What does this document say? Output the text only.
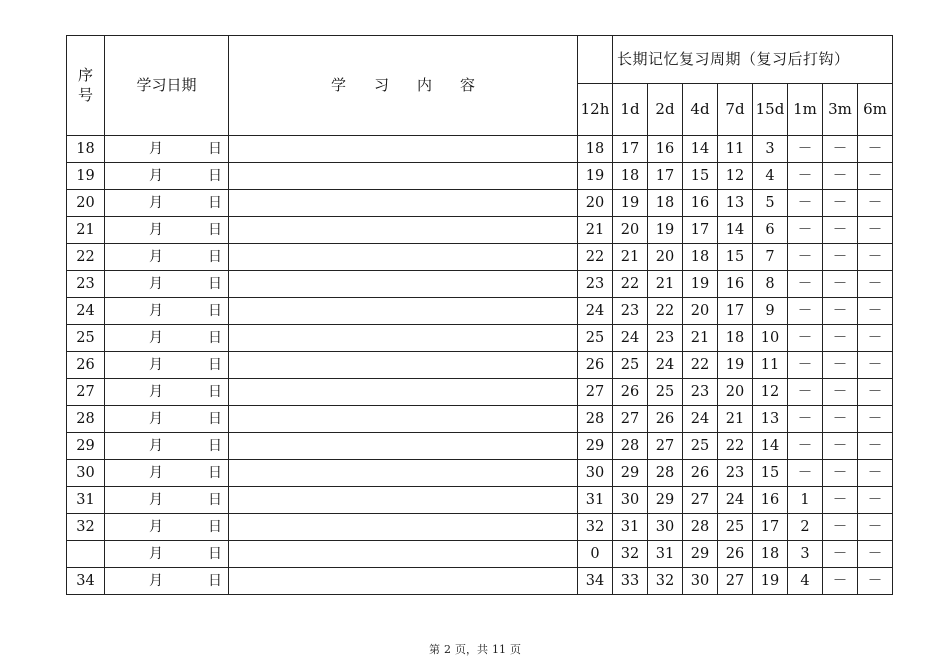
序
号	学习日期	学 习 内 容		长期记忆复习周期（复习后打钩）							
			12h	1d	2d	4d	7d	15d	1m	3m	6m
18	月 日		18	17	16	14	11	3	－	－	－
19	月 日		19	18	17	15	12	4	－	－	－
20	月 日		20	19	18	16	13	5	－	－	－
21	月 日		21	20	19	17	14	6	－	－	－
22	月 日		22	21	20	18	15	7	－	－	－
23	月 日		23	22	21	19	16	8	－	－	－
24	月 日		24	23	22	20	17	9	－	－	－
25	月 日		25	24	23	21	18	10	－	－	－
26	月 日		26	25	24	22	19	11	－	－	－
27	月 日		27	26	25	23	20	12	－	－	－
28	月 日		28	27	26	24	21	13	－	－	－
29	月 日		29	28	27	25	22	14	－	－	－
30	月 日		30	29	28	26	23	15	－	－	－
31	月 日		31	30	29	27	24	16	1	－	－
32	月 日		32	31	30	28	25	17	2	－	－

	月 日		0	32	31	29	26	18	3	－	－
34	月 日		34	33	32	30	27	19	4	－	－
第 2 页，共 11 页
